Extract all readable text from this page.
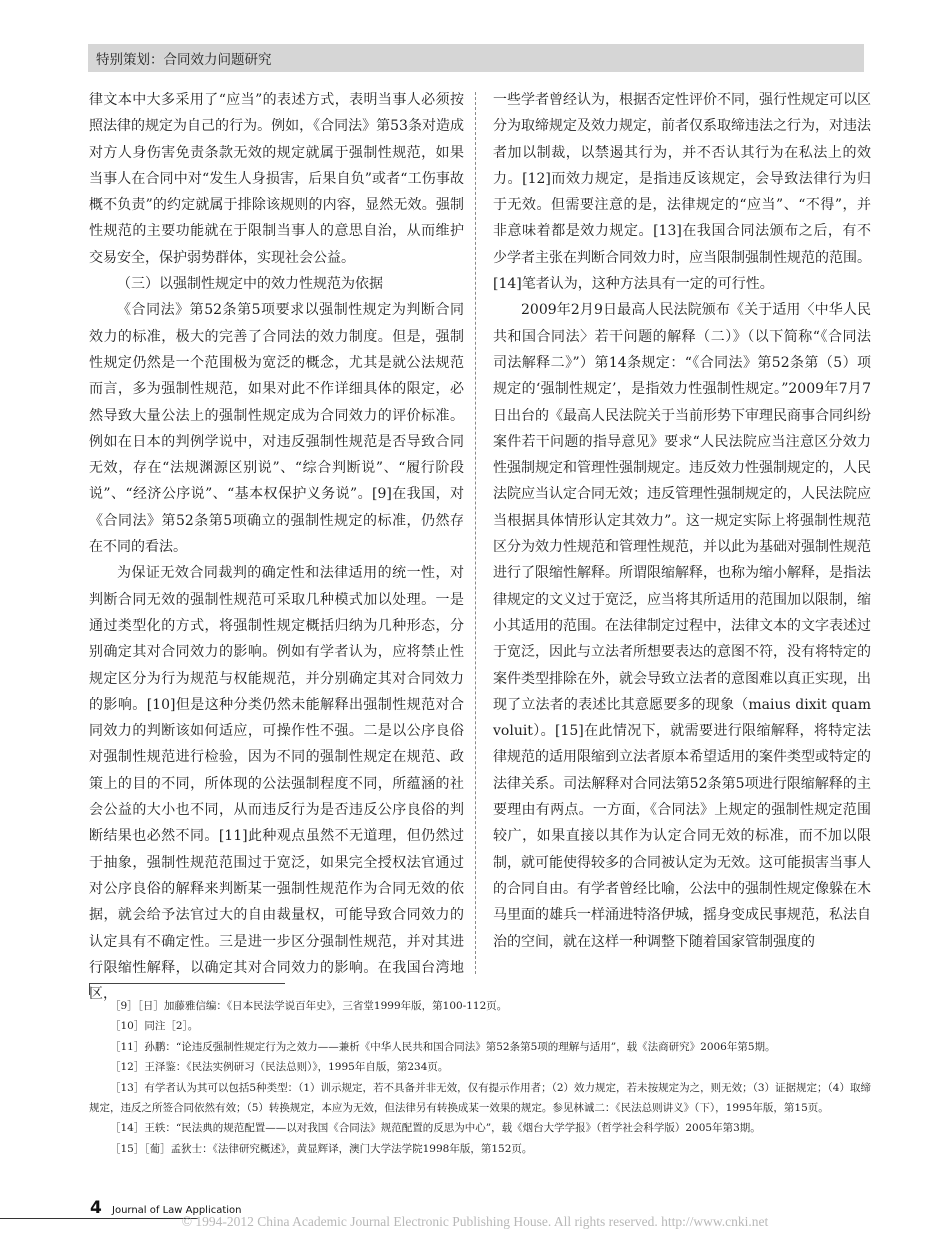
特别策划：合同效力问题研究

律文本中大多采用了“应当”的表述方式，表明当事人必须按照法律的规定为自己的行为。例如，《合同法》第53条对造成对方人身伤害免责条款无效的规定就属于强制性规范，如果当事人在合同中对“发生人身损害，后果自负”或者“工伤事故概不负责”的约定就属于排除该规则的内容，显然无效。强制性规范的主要功能就在于限制当事人的意思自治，从而维护交易安全，保护弱势群体，实现社会公益。

（三）以强制性规定中的效力性规范为依据

《合同法》第52条第5项要求以强制性规定为判断合同效力的标准，极大的完善了合同法的效力制度。但是，强制性规定仍然是一个范围极为宽泛的概念，尤其是就公法规范而言，多为强制性规范，如果对此不作详细具体的限定，必然导致大量公法上的强制性规定成为合同效力的评价标准。例如在日本的判例学说中，对违反强制性规范是否导致合同无效，存在“法规渊源区别说”、“综合判断说”、“履行阶段说”、“经济公序说”、“基本权保护义务说”。[9]在我国，对《合同法》第52条第5项确立的强制性规定的标准，仍然存在不同的看法。

为保证无效合同裁判的确定性和法律适用的统一性，对判断合同无效的强制性规范可采取几种模式加以处理。一是通过类型化的方式，将强制性规定概括归纳为几种形态，分别确定其对合同效力的影响。例如有学者认为，应将禁止性规定区分为行为规范与权能规范，并分别确定其对合同效力的影响。[10]但是这种分类仍然未能解释出强制性规范对合同效力的判断该如何适应，可操作性不强。二是以公序良俗对强制性规范进行检验，因为不同的强制性规定在规范、政策上的目的不同，所体现的公法强制程度不同，所蕴涵的社会公益的大小也不同，从而违反行为是否违反公序良俗的判断结果也必然不同。[11]此种观点虽然不无道理，但仍然过于抽象，强制性规范范围过于宽泛，如果完全授权法官通过对公序良俗的解释来判断某一强制性规范作为合同无效的依据，就会给予法官过大的自由裁量权，可能导致合同效力的认定具有不确定性。三是进一步区分强制性规范，并对其进行限缩性解释，以确定其对合同效力的影响。在我国台湾地区，

一些学者曾经认为，根据否定性评价不同，强行性规定可以区分为取缔规定及效力规定，前者仅系取缔违法之行为，对违法者加以制裁，以禁遏其行为，并不否认其行为在私法上的效力。[12]而效力规定，是指违反该规定，会导致法律行为归于无效。但需要注意的是，法律规定的“应当”、“不得”，并非意味着都是效力规定。[13]在我国合同法颁布之后，有不少学者主张在判断合同效力时，应当限制强制性规范的范围。[14]笔者认为，这种方法具有一定的可行性。

2009年2月9日最高人民法院颁布《关于适用〈中华人民共和国合同法〉若干问题的解释（二）》（以下简称“《合同法司法解释二》”）第14条规定：“《合同法》第52条第（5）项规定的‘强制性规定’，是指效力性强制性规定。”2009年7月7日出台的《最高人民法院关于当前形势下审理民商事合同纠纷案件若干问题的指导意见》要求“人民法院应当注意区分效力性强制规定和管理性强制规定。违反效力性强制规定的，人民法院应当认定合同无效；违反管理性强制规定的，人民法院应当根据具体情形认定其效力”。这一规定实际上将强制性规范区分为效力性规范和管理性规范，并以此为基础对强制性规范进行了限缩性解释。所谓限缩解释，也称为缩小解释，是指法律规定的文义过于宽泛，应当将其所适用的范围加以限制，缩小其适用的范围。在法律制定过程中，法律文本的文字表述过于宽泛，因此与立法者所想要表达的意图不符，没有将特定的案件类型排除在外，就会导致立法者的意图难以真正实现，出现了立法者的表述比其意愿要多的现象（maius dixit quam voluit）。[15]在此情况下，就需要进行限缩解释，将特定法律规范的适用限缩到立法者原本希望适用的案件类型或特定的法律关系。司法解释对合同法第52条第5项进行限缩解释的主要理由有两点。一方面，《合同法》上规定的强制性规定范围较广，如果直接以其作为认定合同无效的标准，而不加以限制，就可能使得较多的合同被认定为无效。这可能损害当事人的合同自由。有学者曾经比喻，公法中的强制性规定像躲在木马里面的雄兵一样涌进特洛伊城，摇身变成民事规范，私法自治的空间，就在这样一种调整下随着国家管制强度的

［9］［日］加藤雅信编：《日本民法学说百年史》，三省堂1999年版，第100-112页。

［10］同注［2］。

［11］孙鹏：“论违反强制性规定行为之效力——兼析《中华人民共和国合同法》第52条第5项的理解与适用”，载《法商研究》2006年第5期。

［12］王泽鉴：《民法实例研习（民法总则）》，1995年自版，第234页。

［13］有学者认为其可以包括5种类型：（1）训示规定，若不具备并非无效，仅有提示作用者；（2）效力规定，若未按规定为之，则无效；（3）证据规定；（4）取缔规定，违反之所签合同依然有效；（5）转换规定，本应为无效，但法律另有转换成某一效果的规定。参见林诚二：《民法总则讲义》（下），1995年版，第15页。

［14］王轶：“民法典的规范配置——以对我国《合同法》规范配置的反思为中心”，载《烟台大学学报》（哲学社会科学版）2005年第3期。

［15］［葡］孟狄士：《法律研究概述》，黄显辉译，澳门大学法学院1998年版，第152页。

4 Journal of Law Application
© 1994-2012 China Academic Journal Electronic Publishing House. All rights reserved. http://www.cnki.net
